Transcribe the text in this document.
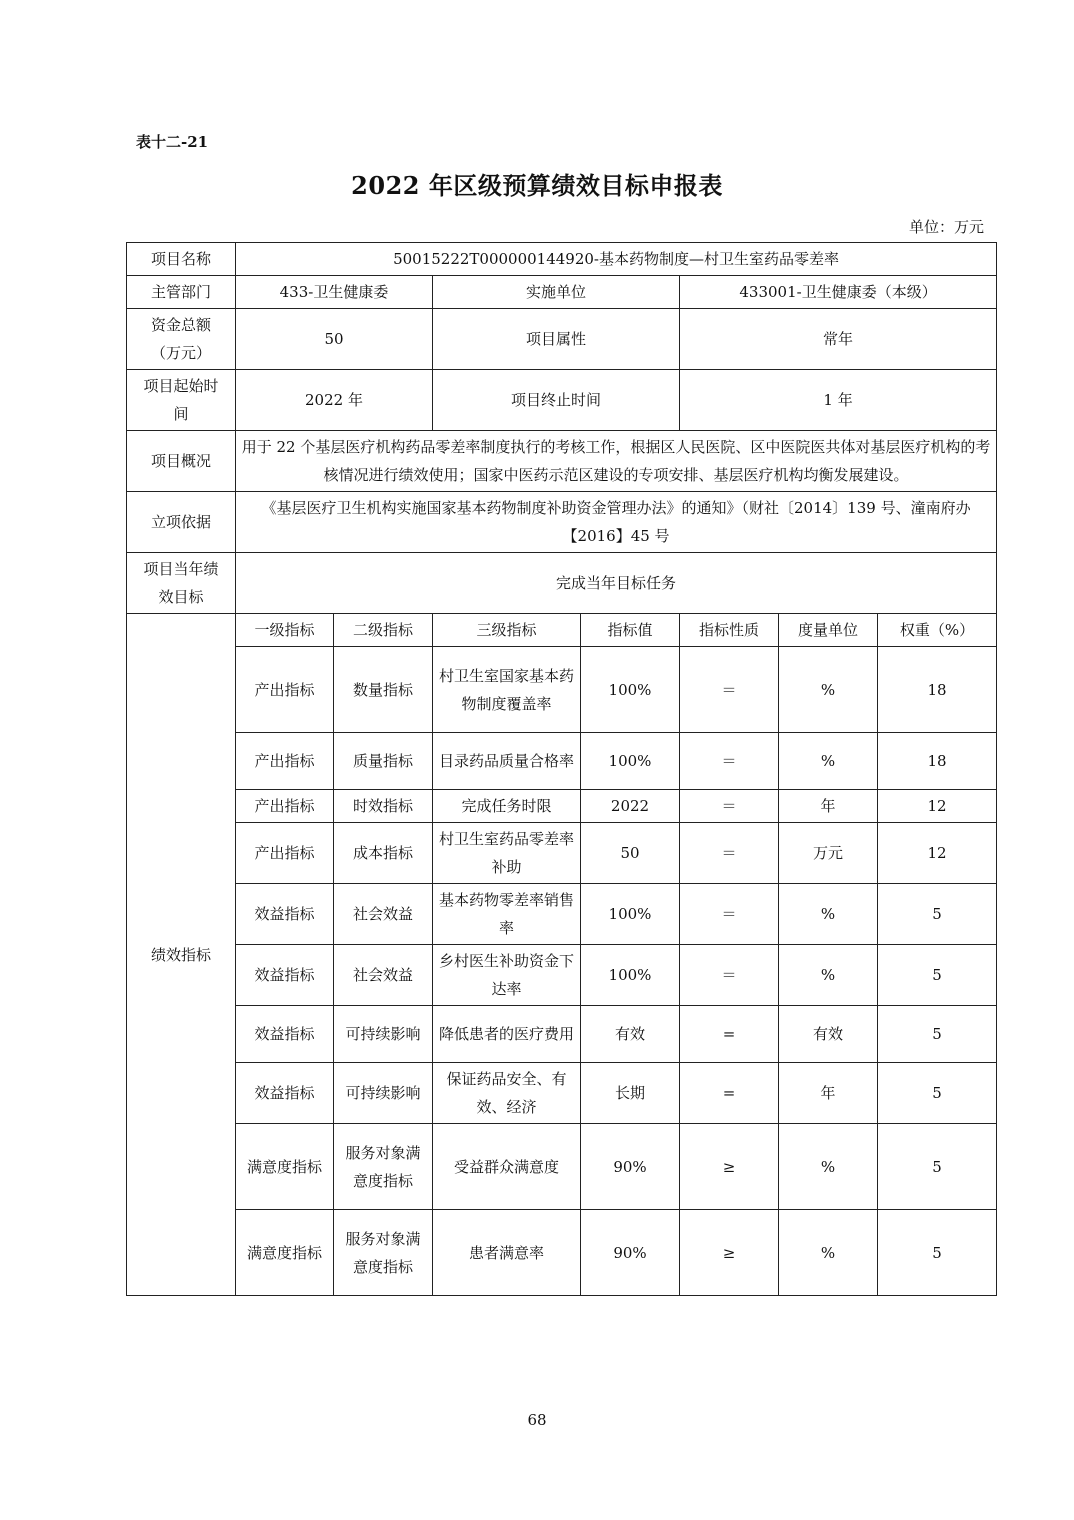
表十二-21
2022 年区级预算绩效目标申报表
单位：万元
项目名称	50015222T000000144920-基本药物制度—村卫生室药品零差率						
主管部门	433-卫生健康委		实施单位		433001-卫生健康委（本级）		
资金总额
（万元）	50		项目属性		常年		
项目起始时
间	2022 年		项目终止时间		1 年		
项目概况	用于 22 个基层医疗机构药品零差率制度执行的考核工作，根据区人民医院、区中医院医共体对基层医疗机构的考核情况进行绩效使用；国家中医药示范区建设的专项安排、基层医疗机构均衡发展建设。						
立项依据	《基层医疗卫生机构实施国家基本药物制度补助资金管理办法》的通知》（财社〔2014〕139 号、潼南府办【2016】45 号						
项目当年绩
效目标	完成当年目标任务						
绩效指标	一级指标	二级指标	三级指标	指标值	指标性质	度量单位	权重（%）
	产出指标	数量指标	村卫生室国家基本药物制度覆盖率	100%	＝	%	18
	产出指标	质量指标	目录药品质量合格率	100%	＝	%	18
	产出指标	时效指标	完成任务时限	2022	＝	年	12
	产出指标	成本指标	村卫生室药品零差率补助	50	＝	万元	12
	效益指标	社会效益	基本药物零差率销售率	100%	＝	%	5
	效益指标	社会效益	乡村医生补助资金下达率	100%	＝	%	5
	效益指标	可持续影响	降低患者的医疗费用	有效	=	有效	5
	效益指标	可持续影响	保证药品安全、有效、经济	长期	=	年	5
	满意度指标	服务对象满意度指标	受益群众满意度	90%	≥	%	5
	满意度指标	服务对象满意度指标	患者满意率	90%	≥	%	5
68
